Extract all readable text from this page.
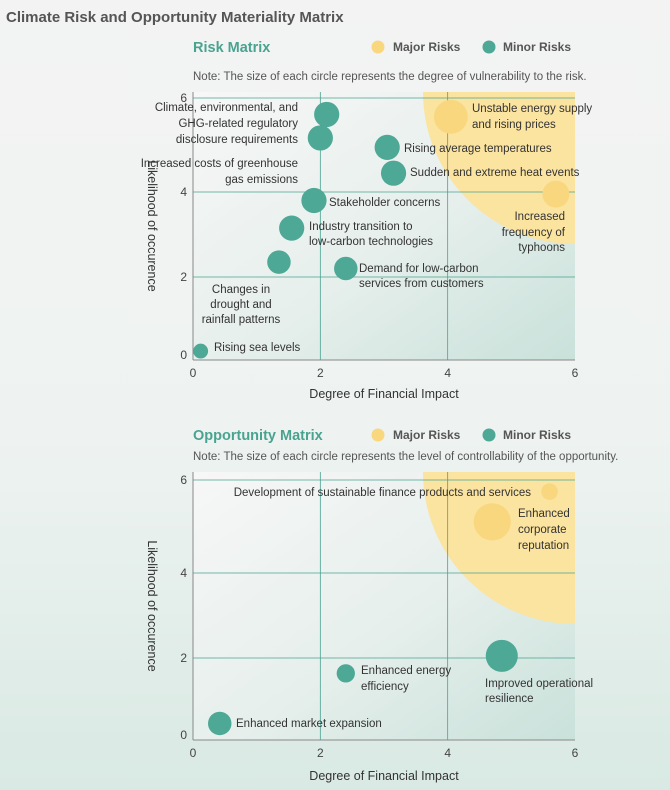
Climate Risk and Opportunity Materiality Matrix
Risk Matrix	Major Risks	Minor Risks
Note: The size of each circle represents the degree of vulnerability to the risk.
0	2	4	6
6
4
2
0
Degree of Financial Impact
Likelihood of occurence
Climate, environmental, and
GHG-related regulatory
disclosure requirements
Increased costs of greenhouse
gas emissions
Rising average temperatures
Sudden and extreme heat events
Stakeholder concerns
Industry transition to
low-carbon technologies
Changes in
drought and
rainfall patterns
Demand for low-carbon
services from customers
Rising sea levels
Unstable energy supply
and rising prices
Increased
frequency of
typhoons
Opportunity Matrix	Major Risks	Minor Risks
Note: The size of each circle represents the level of controllability of the opportunity.
0	2	4	6
6
4
2
0
Degree of Financial Impact
Likelihood of occurence
Development of sustainable finance products and services
Enhanced
corporate
reputation
Improved operational
resilience
Enhanced energy
efficiency
Enhanced market expansion
